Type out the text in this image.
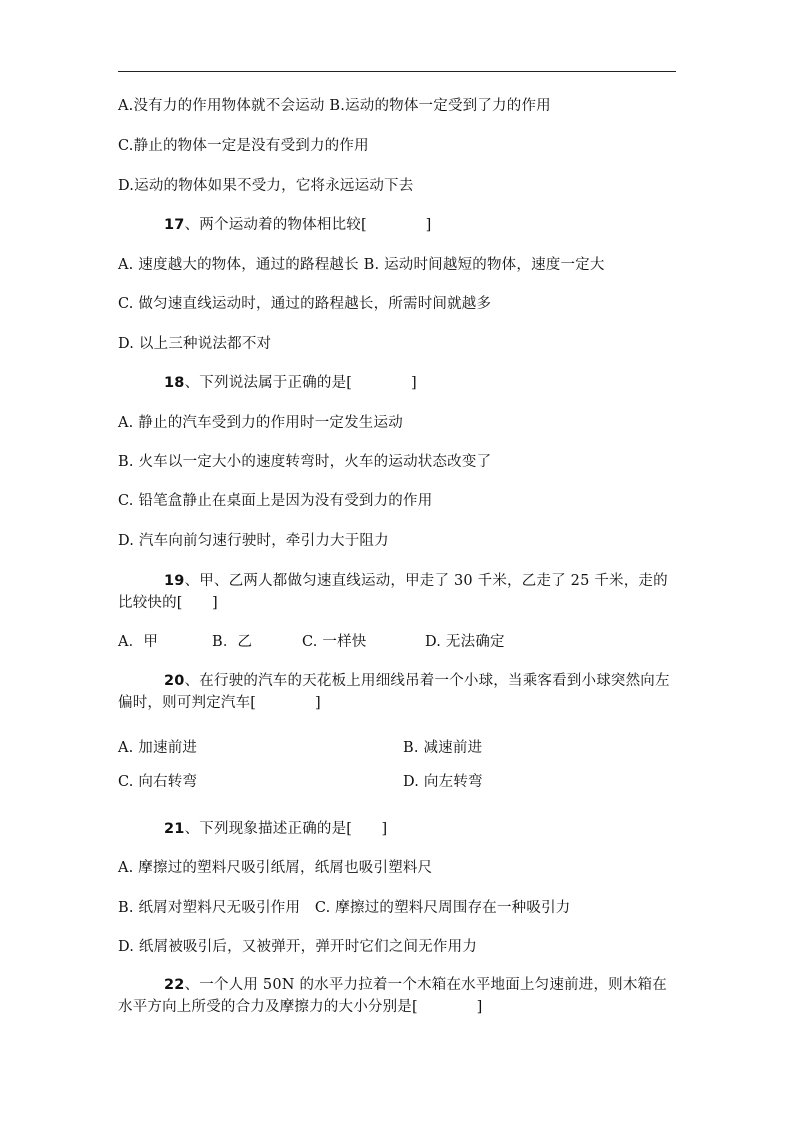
A.没有力的作用物体就不会运动 B.运动的物体一定受到了力的作用
C.静止的物体一定是没有受到力的作用
D.运动的物体如果不受力，它将永远运动下去
17、两个运动着的物体相比较[　　　　]
A. 速度越大的物体，通过的路程越长 B. 运动时间越短的物体，速度一定大
C. 做匀速直线运动时，通过的路程越长，所需时间就越多
D. 以上三种说法都不对
18、下列说法属于正确的是[　　　　]
A. 静止的汽车受到力的作用时一定发生运动
B. 火车以一定大小的速度转弯时，火车的运动状态改变了
C. 铅笔盒静止在桌面上是因为没有受到力的作用
D. 汽车向前匀速行驶时，牵引力大于阻力
19、甲、乙两人都做匀速直线运动，甲走了 30 千米，乙走了 25 千米，走的比较快的[　　]
A．甲	B．乙	C. 一样快	D. 无法确定
20、在行驶的汽车的天花板上用细线吊着一个小球，当乘客看到小球突然向左偏时，则可判定汽车[　　　　]
A. 加速前进	B. 减速前进
C. 向右转弯	D. 向左转弯
21、下列现象描述正确的是[　　]
A. 摩擦过的塑料尺吸引纸屑，纸屑也吸引塑料尺
B. 纸屑对塑料尺无吸引作用　C. 摩擦过的塑料尺周围存在一种吸引力
D. 纸屑被吸引后，又被弹开，弹开时它们之间无作用力
22、一个人用 50N 的水平力拉着一个木箱在水平地面上匀速前进，则木箱在水平方向上所受的合力及摩擦力的大小分别是[　　　　]
